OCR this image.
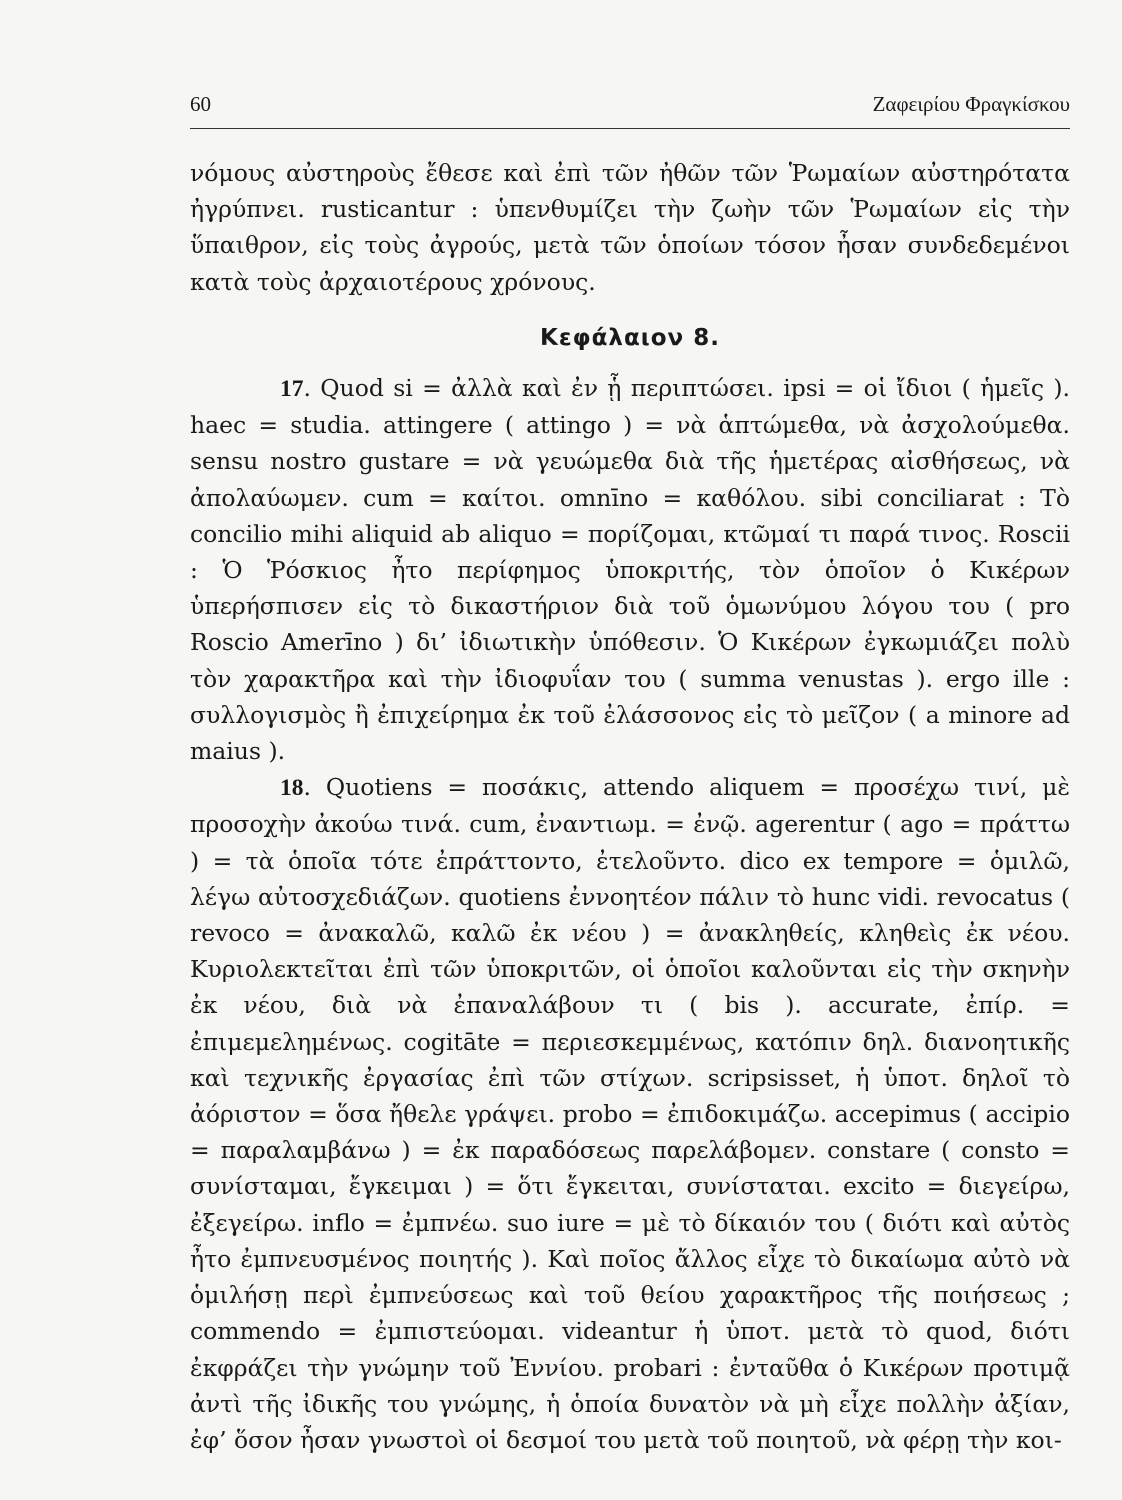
60	Ζαφειρίου Φραγκίσκου

νόμους αὐστηροὺς ἔθεσε καὶ ἐπὶ τῶν ἠθῶν τῶν Ῥωμαίων αὐστηρότατα ἠγρύπνει. rusticantur : ὑπενθυμίζει τὴν ζωὴν τῶν Ῥωμαίων εἰς τὴν ὕπαιθρον, εἰς τοὺς ἀγρούς, μετὰ τῶν ὁποίων τόσον ἦσαν συνδεδεμένοι κατὰ τοὺς ἀρχαιοτέρους χρόνους.

Κεφάλαιον 8.

17. Quod si = ἀλλὰ καὶ ἐν ᾗ περιπτώσει. ipsi = οἱ ἴδιοι ( ἡμεῖς ). haec = studia. attingere ( attingo ) = νὰ ἁπτώμεθα, νὰ ἀσχολούμεθα. sensu nostro gustare = νὰ γευώμεθα διὰ τῆς ἡμετέρας αἰσθήσεως, νὰ ἀπολαύωμεν. cum = καίτοι. omnīno = καθόλου. sibi conciliarat : Τὸ concilio mihi aliquid ab aliquo = πορίζομαι, κτῶμαί τι παρά τινος. Roscii : Ὁ Ῥόσκιος ἦτο περίφημος ὑποκριτής, τὸν ὁποῖον ὁ Κικέρων ὑπερήσπισεν εἰς τὸ δικαστήριον διὰ τοῦ ὁμωνύμου λόγου του ( pro Roscio Amerīno ) δι’ ἰδιωτικὴν ὑπόθεσιν. Ὁ Κικέρων ἐγκωμιάζει πολὺ τὸν χαρακτῆρα καὶ τὴν ἰδιοφυΐαν του ( summa venustas ). ergo ille : συλλογισμὸς ἢ ἐπιχείρημα ἐκ τοῦ ἐλάσσονος εἰς τὸ μεῖζον ( a minore ad maius ).

18. Quotiens = ποσάκις, attendo aliquem = προσέχω τινί, μὲ προσοχὴν ἀκούω τινά. cum, ἐναντιωμ. = ἐνῷ. agerentur ( ago = πράττω ) = τὰ ὁποῖα τότε ἐπράττοντο, ἐτελοῦντο. dico ex tempore = ὁμιλῶ, λέγω αὐτοσχεδιάζων. quotiens ἐννοητέον πάλιν τὸ hunc vidi. revocatus ( revoco = ἀνακαλῶ, καλῶ ἐκ νέου ) = ἀνακληθείς, κληθεὶς ἐκ νέου. Κυριολεκτεῖται ἐπὶ τῶν ὑποκριτῶν, οἱ ὁποῖοι καλοῦνται εἰς τὴν σκηνὴν ἐκ νέου, διὰ νὰ ἐπαναλάβουν τι ( bis ). accurate, ἐπίρ. = ἐπιμεμελημένως. cogitāte = περιεσκεμμένως, κατόπιν δηλ. διανοητικῆς καὶ τεχνικῆς ἐργασίας ἐπὶ τῶν στίχων. scripsisset, ἡ ὑποτ. δηλοῖ τὸ ἀόριστον = ὅσα ἤθελε γράψει. probo = ἐπιδοκιμάζω. accepimus ( accipio = παραλαμβάνω ) = ἐκ παραδόσεως παρελάβομεν. constare ( consto = συνίσταμαι, ἔγκειμαι ) = ὅτι ἔγκειται, συνίσταται. excito = διεγείρω, ἐξεγείρω. inflo = ἐμπνέω. suo iure = μὲ τὸ δίκαιόν του ( διότι καὶ αὐτὸς ἦτο ἐμπνευσμένος ποιητής ). Καὶ ποῖος ἄλλος εἶχε τὸ δικαίωμα αὐτὸ νὰ ὁμιλήσῃ περὶ ἐμπνεύσεως καὶ τοῦ θείου χαρακτῆρος τῆς ποιήσεως ; commendo = ἐμπιστεύομαι. videantur ἡ ὑποτ. μετὰ τὸ quod, διότι ἐκφράζει τὴν γνώμην τοῦ Ἐννίου. probari : ἐνταῦθα ὁ Κικέρων προτιμᾷ ἀντὶ τῆς ἰδικῆς του γνώμης, ἡ ὁποία δυνατὸν νὰ μὴ εἶχε πολλὴν ἀξίαν, ἐφ’ ὅσον ἦσαν γνωστοὶ οἱ δεσμοί του μετὰ τοῦ ποιητοῦ, νὰ φέρῃ τὴν κοι-
